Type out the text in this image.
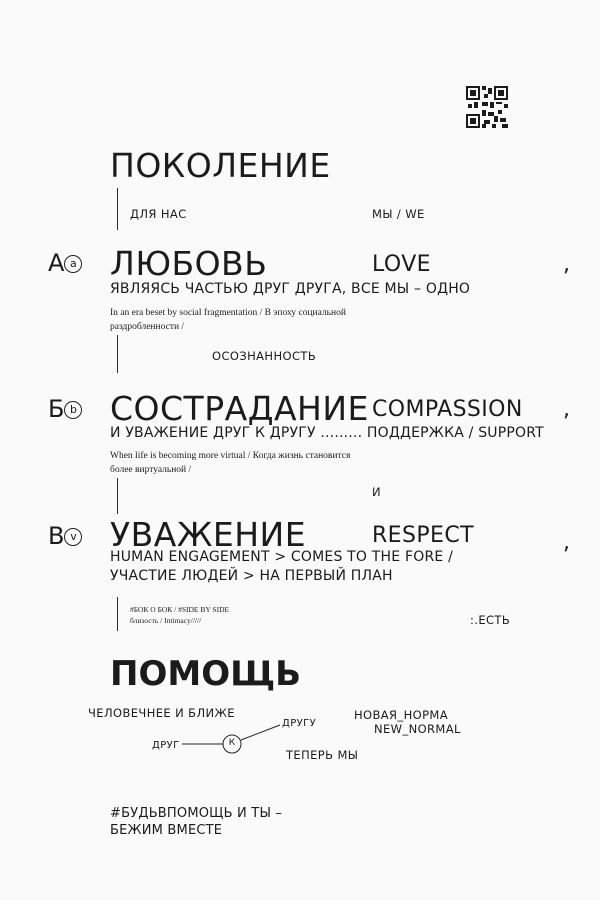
ПОКОЛЕНИЕ
ДЛЯ НАС	МЫ / WE
А a ЛЮБОВЬ	LOVE	,
ЯВЛЯЯСЬ ЧАСТЬЮ ДРУГ ДРУГА, ВСЕ МЫ – ОДНО
In an era beset by social fragmentation / В эпоху социальной
раздробленности /
ОСОЗНАННОСТЬ
Б b СОСТРАДАНИЕ COMPASSION ,
И УВАЖЕНИЕ ДРУГ К ДРУГУ ......... ПОДДЕРЖКА / SUPPORT
When life is becoming more virtual / Когда жизнь становится
более виртуальной /
И
В v УВАЖЕНИЕ	RESPECT	,
HUMAN ENGAGEMENT > COMES TO THE FORE /
УЧАСТИЕ ЛЮДЕЙ > НА ПЕРВЫЙ ПЛАН
#БОК О БОК / #SIDE BY SIDE
близость / Intimacy/////	:.ЕСТЬ
ПОМОЩЬ
ЧЕЛОВЕЧНЕЕ И БЛИЖЕ	НОВАЯ_НОРМА
NEW_NORMAL
ДРУГУ
ДРУГ	К
ТЕПЕРЬ МЫ
#БУДЬВПОМОЩЬ И ТЫ –
БЕЖИМ ВМЕСТЕ
